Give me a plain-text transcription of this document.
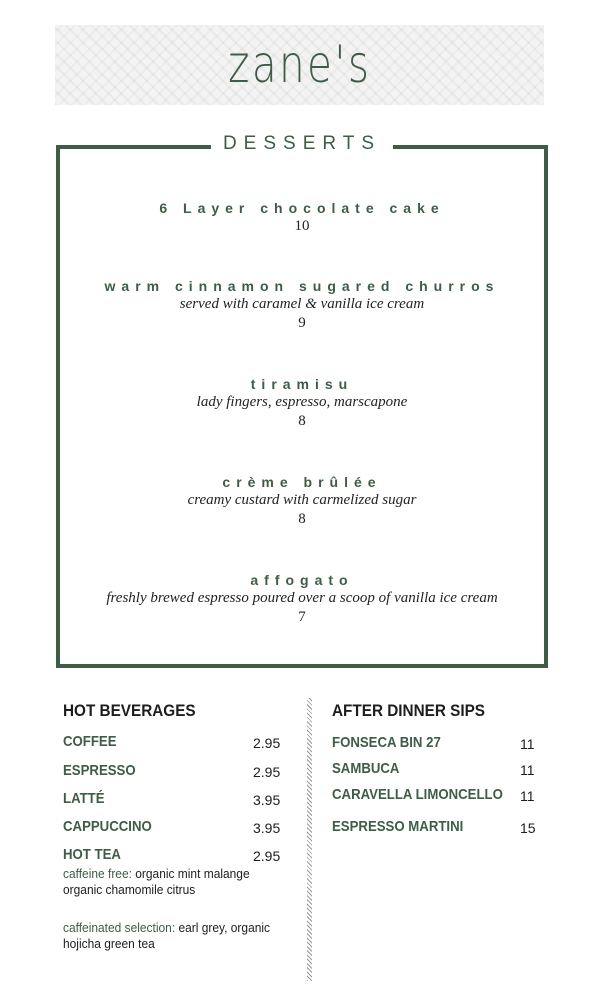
zane's
DESSERTS
6 Layer chocolate cake
10
warm cinnamon sugared churros
served with caramel & vanilla ice cream
9
tiramisu
lady fingers, espresso, marscapone
8
crème brûlée
creamy custard with carmelized sugar
8
affogato
freshly brewed espresso poured over a scoop of vanilla ice cream
7
HOT BEVERAGES
COFFEE	2.95
ESPRESSO	2.95
LATTÉ	3.95
CAPPUCCINO	3.95
HOT TEA	2.95
caffeine free: organic mint malange organic chamomile citrus
caffeinated selection: earl grey, organic hojicha green tea
AFTER DINNER SIPS
FONSECA BIN 27	11
SAMBUCA	11
CARAVELLA LIMONCELLO 11
ESPRESSO MARTINI	15
